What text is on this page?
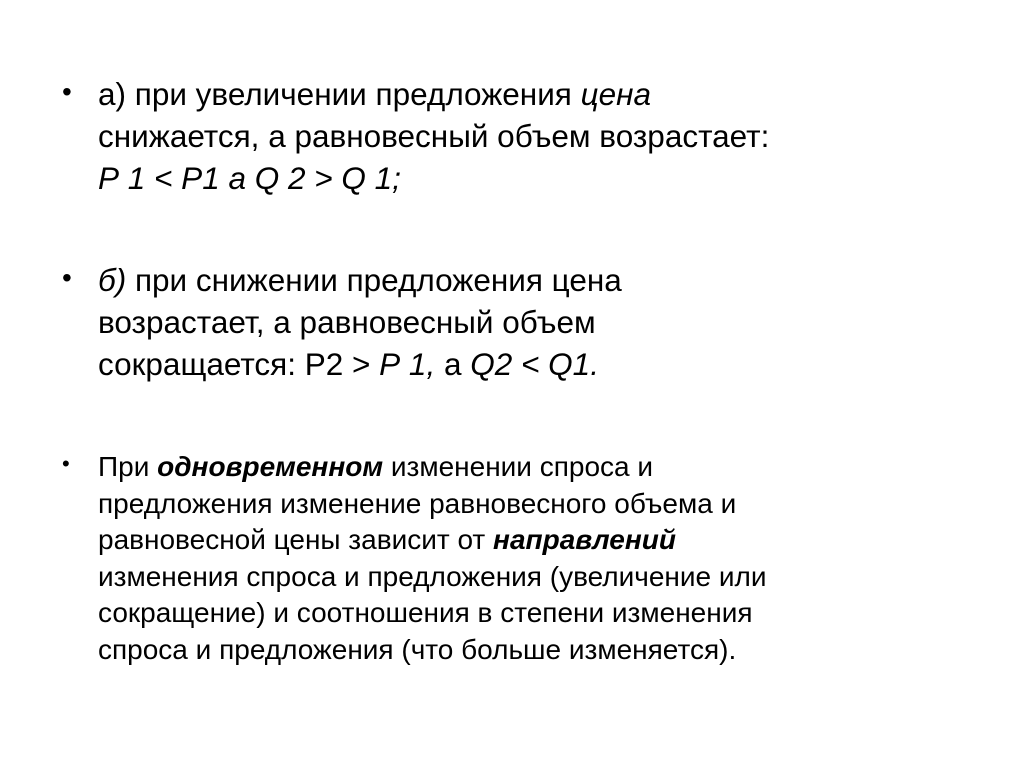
• а) при увеличении предложения цена
снижается, а равновесный объем возрастает:
Р 1 < Р1 а Q 2 > Q 1;

• б) при снижении предложения цена
возрастает, а равновесный объем
сокращается: Р2 > Р 1, а Q2 < Q1.

• При одновременном изменении спроса и
предложения изменение равновесного объема и
равновесной цены зависит от направлений
изменения спроса и предложения (увеличение или
сокращение) и соотношения в степени изменения
спроса и предложения (что больше изменяется).
